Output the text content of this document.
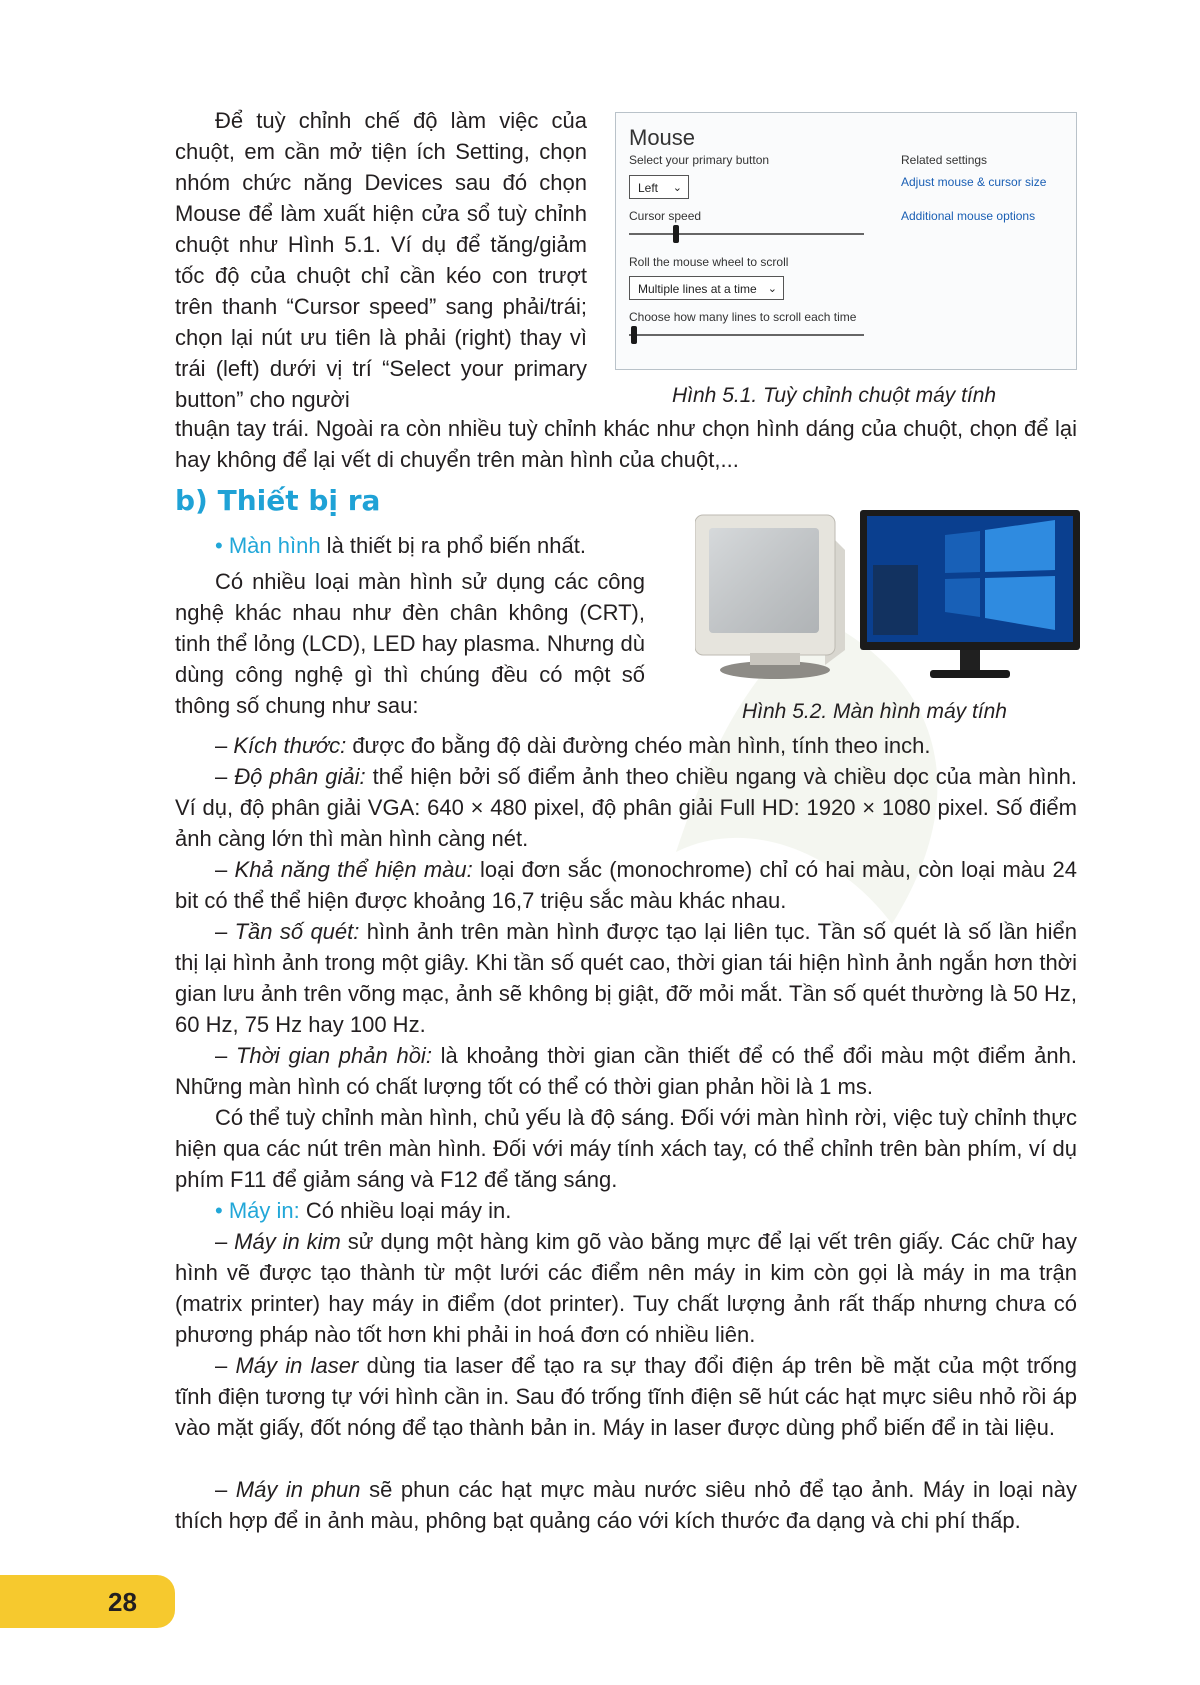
Để tuỳ chỉnh chế độ làm việc của chuột, em cần mở tiện ích Setting, chọn nhóm chức năng Devices sau đó chọn Mouse để làm xuất hiện cửa sổ tuỳ chỉnh chuột như Hình 5.1. Ví dụ để tăng/giảm tốc độ của chuột chỉ cần kéo con trượt trên thanh “Cursor speed” sang phải/trái; chọn lại nút ưu tiên là phải (right) thay vì trái (left) dưới vị trí “Select your primary button” cho người

Mouse
Select your primary button
Left ⌄
Cursor speed
Roll the mouse wheel to scroll
Multiple lines at a time ⌄
Choose how many lines to scroll each time
Related settings
Adjust mouse & cursor size
Additional mouse options
Hình 5.1. Tuỳ chỉnh chuột máy tính

thuận tay trái. Ngoài ra còn nhiều tuỳ chỉnh khác như chọn hình dáng của chuột, chọn để lại hay không để lại vết di chuyển trên màn hình của chuột,...

b) Thiết bị ra

• Màn hình là thiết bị ra phổ biến nhất.

Có nhiều loại màn hình sử dụng các công nghệ khác nhau như đèn chân không (CRT), tinh thể lỏng (LCD), LED hay plasma. Nhưng dù dùng công nghệ gì thì chúng đều có một số thông số chung như sau:	Hình 5.2. Màn hình máy tính

– Kích thước: được đo bằng độ dài đường chéo màn hình, tính theo inch.

– Độ phân giải: thể hiện bởi số điểm ảnh theo chiều ngang và chiều dọc của màn hình. Ví dụ, độ phân giải VGA: 640 × 480 pixel, độ phân giải Full HD: 1920 × 1080 pixel. Số điểm ảnh càng lớn thì màn hình càng nét.

– Khả năng thể hiện màu: loại đơn sắc (monochrome) chỉ có hai màu, còn loại màu 24 bit có thể thể hiện được khoảng 16,7 triệu sắc màu khác nhau.

– Tần số quét: hình ảnh trên màn hình được tạo lại liên tục. Tần số quét là số lần hiển thị lại hình ảnh trong một giây. Khi tần số quét cao, thời gian tái hiện hình ảnh ngắn hơn thời gian lưu ảnh trên võng mạc, ảnh sẽ không bị giật, đỡ mỏi mắt. Tần số quét thường là 50 Hz, 60 Hz, 75 Hz hay 100 Hz.

– Thời gian phản hồi: là khoảng thời gian cần thiết để có thể đổi màu một điểm ảnh. Những màn hình có chất lượng tốt có thể có thời gian phản hồi là 1 ms.

Có thể tuỳ chỉnh màn hình, chủ yếu là độ sáng. Đối với màn hình rời, việc tuỳ chỉnh thực hiện qua các nút trên màn hình. Đối với máy tính xách tay, có thể chỉnh trên bàn phím, ví dụ phím F11 để giảm sáng và F12 để tăng sáng.

• Máy in: Có nhiều loại máy in.

– Máy in kim sử dụng một hàng kim gõ vào băng mực để lại vết trên giấy. Các chữ hay hình vẽ được tạo thành từ một lưới các điểm nên máy in kim còn gọi là máy in ma trận (matrix printer) hay máy in điểm (dot printer). Tuy chất lượng ảnh rất thấp nhưng chưa có phương pháp nào tốt hơn khi phải in hoá đơn có nhiều liên.

– Máy in laser dùng tia laser để tạo ra sự thay đổi điện áp trên bề mặt của một trống tĩnh điện tương tự với hình cần in. Sau đó trống tĩnh điện sẽ hút các hạt mực siêu nhỏ rồi áp vào mặt giấy, đốt nóng để tạo thành bản in. Máy in laser được dùng phổ biến để in tài liệu.

– Máy in phun sẽ phun các hạt mực màu nước siêu nhỏ để tạo ảnh. Máy in loại này thích hợp để in ảnh màu, phông bạt quảng cáo với kích thước đa dạng và chi phí thấp.

28
